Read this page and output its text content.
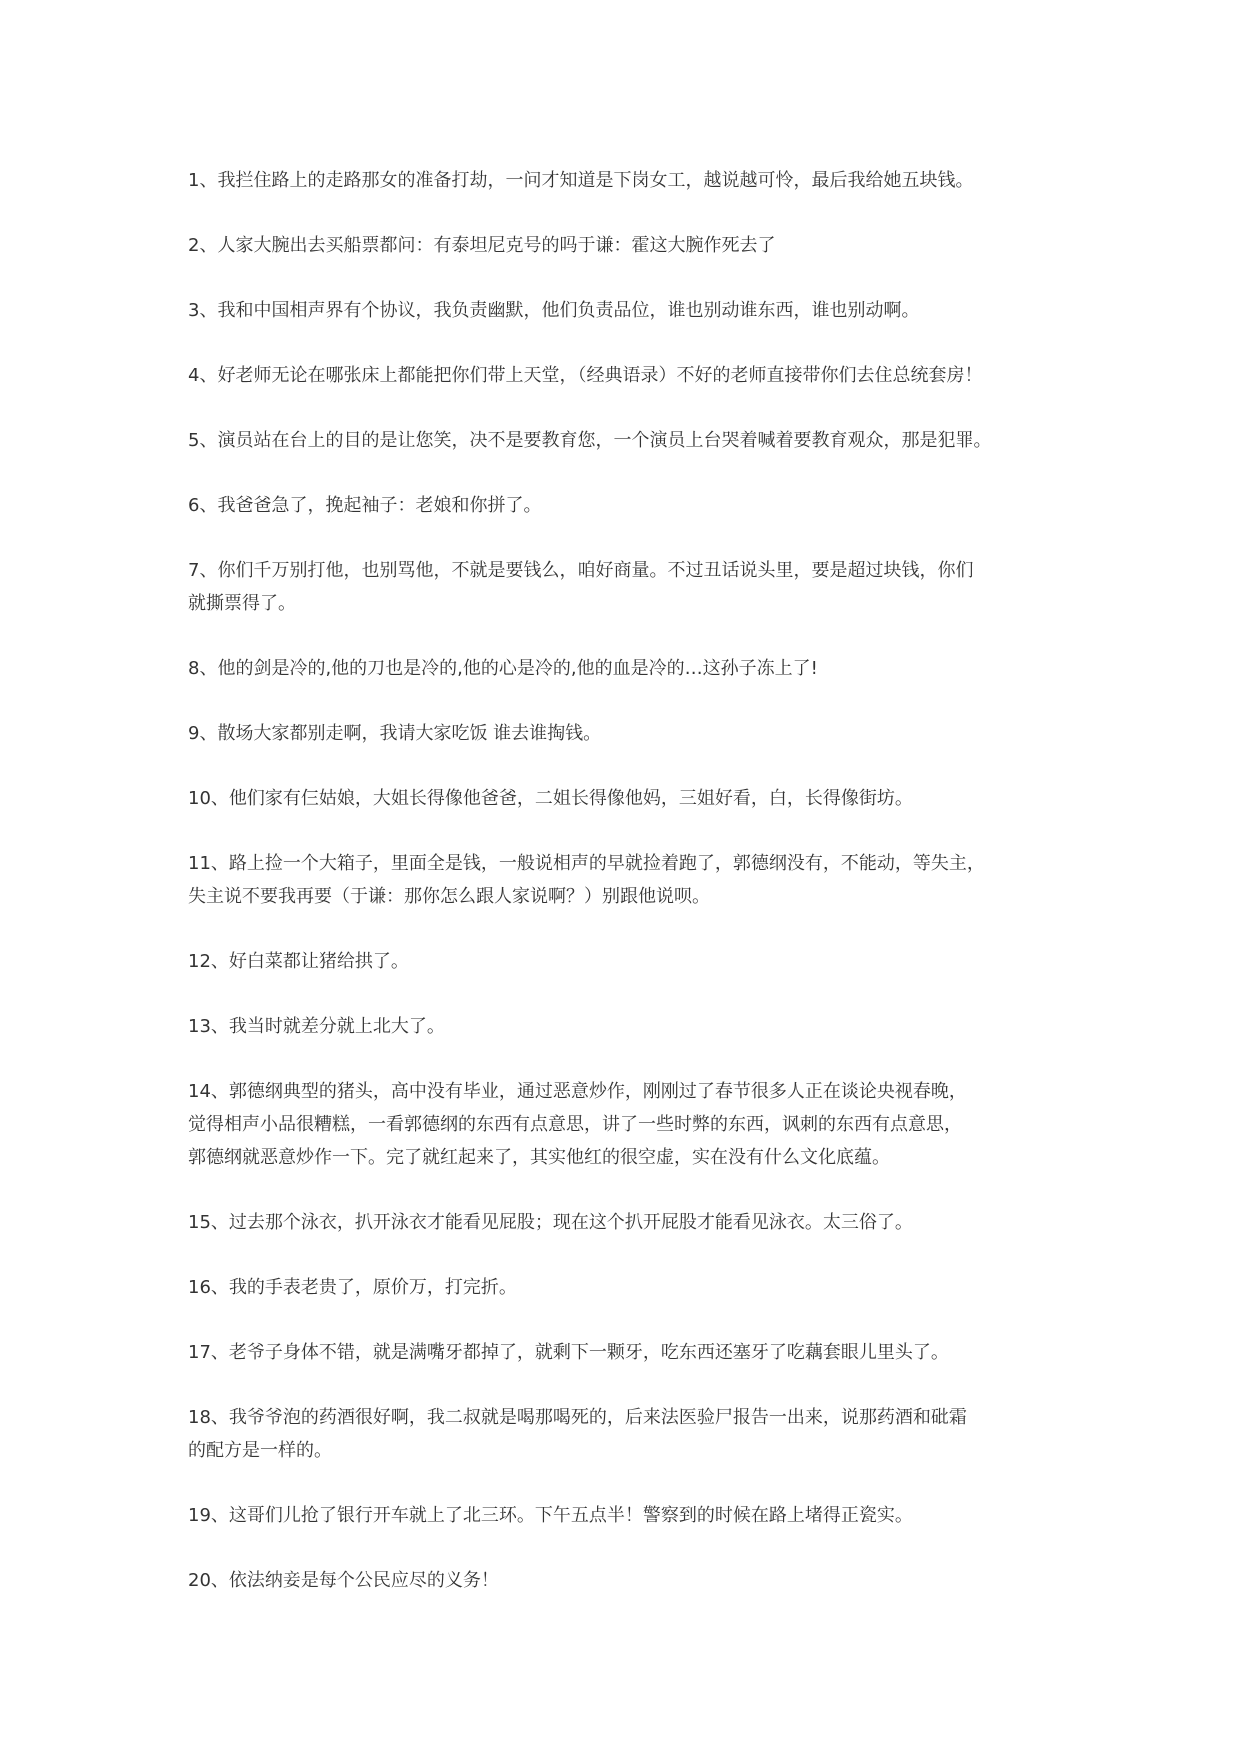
1、我拦住路上的走路那女的准备打劫，一问才知道是下岗女工，越说越可怜，最后我给她五块钱。
2、人家大腕出去买船票都问：有泰坦尼克号的吗于谦：霍这大腕作死去了
3、我和中国相声界有个协议，我负责幽默，他们负责品位，谁也别动谁东西，谁也别动啊。
4、好老师无论在哪张床上都能把你们带上天堂，（经典语录）不好的老师直接带你们去住总统套房！
5、演员站在台上的目的是让您笑，决不是要教育您，一个演员上台哭着喊着要教育观众，那是犯罪。
6、我爸爸急了，挽起袖子：老娘和你拼了。
7、你们千万别打他，也别骂他，不就是要钱么，咱好商量。不过丑话说头里，要是超过块钱，你们
就撕票得了。
8、他的剑是冷的,他的刀也是冷的,他的心是冷的,他的血是冷的…这孙子冻上了!
9、散场大家都别走啊，我请大家吃饭 谁去谁掏钱。
10、他们家有仨姑娘，大姐长得像他爸爸，二姐长得像他妈，三姐好看，白，长得像街坊。
11、路上捡一个大箱子，里面全是钱，一般说相声的早就捡着跑了，郭德纲没有，不能动，等失主，
失主说不要我再要（于谦：那你怎么跟人家说啊？）别跟他说呗。
12、好白菜都让猪给拱了。
13、我当时就差分就上北大了。
14、郭德纲典型的猪头，高中没有毕业，通过恶意炒作，刚刚过了春节很多人正在谈论央视春晚，
觉得相声小品很糟糕，一看郭德纲的东西有点意思，讲了一些时弊的东西，讽刺的东西有点意思，
郭德纲就恶意炒作一下。完了就红起来了，其实他红的很空虚，实在没有什么文化底蕴。
15、过去那个泳衣，扒开泳衣才能看见屁股；现在这个扒开屁股才能看见泳衣。太三俗了。
16、我的手表老贵了，原价万，打完折。
17、老爷子身体不错，就是满嘴牙都掉了，就剩下一颗牙，吃东西还塞牙了吃藕套眼儿里头了。
18、我爷爷泡的药酒很好啊，我二叔就是喝那喝死的，后来法医验尸报告一出来，说那药酒和砒霜
的配方是一样的。
19、这哥们儿抢了银行开车就上了北三环。下午五点半！警察到的时候在路上堵得正瓷实。
20、依法纳妾是每个公民应尽的义务！
